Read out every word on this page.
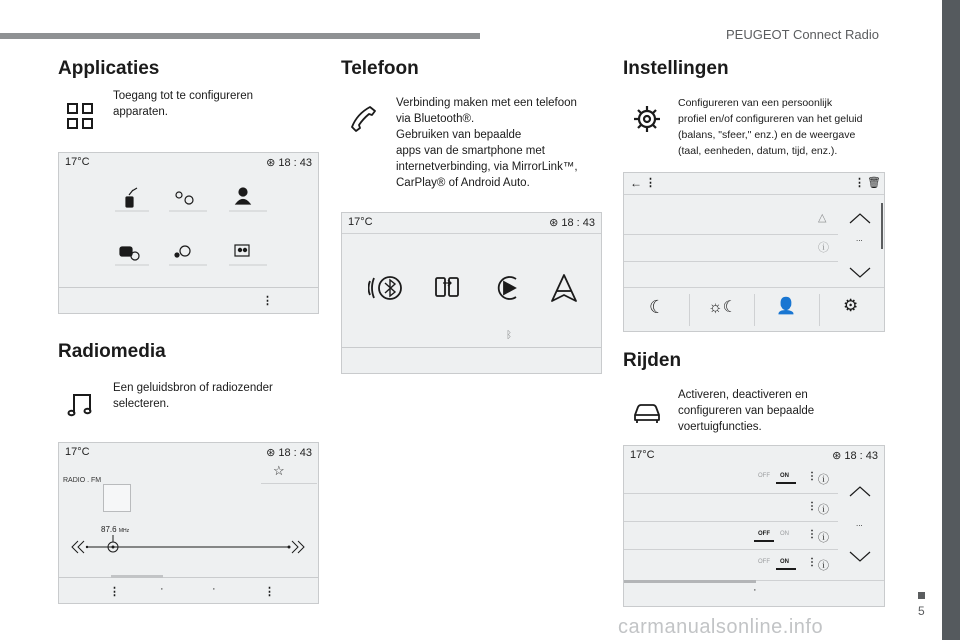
PEUGEOT Connect Radio
5
carmanualsonline.info
Applicaties
Toegang tot te configureren
apparaten.
17°C	⊛ 18 : 43
⋮
Radiomedia
Een geluidsbron of radiozender
selecteren.
17°C	⊛ 18 : 43
☆
RADIO . FM
87.6 MHz
⋮	·	·	⋮
Telefoon
Verbinding maken met een telefoon
via Bluetooth®.
Gebruiken van bepaalde
apps van de smartphone met
internetverbinding, via MirrorLink™,
CarPlay® of Android Auto.
17°C	⊛ 18 : 43
ᛒ
Instellingen
Configureren van een persoonlijk
profiel en/of configureren van het geluid
(balans, "sfeer," enz.) en de weergave
(taal, eenheden, datum, tijd, enz.).
← ⋮	⋮ 🗑
△
ⓘ
...
☾	☼☾ 👤	⚙
Rijden
Activeren, deactiveren en
configureren van bepaalde
voertuigfuncties.
17°C	⊛ 18 : 43
OFF ON ⋮ ⓘ
⋮ ⓘ
OFF ON ⋮ ⓘ
OFF ON ⋮ ⓘ
...
·
